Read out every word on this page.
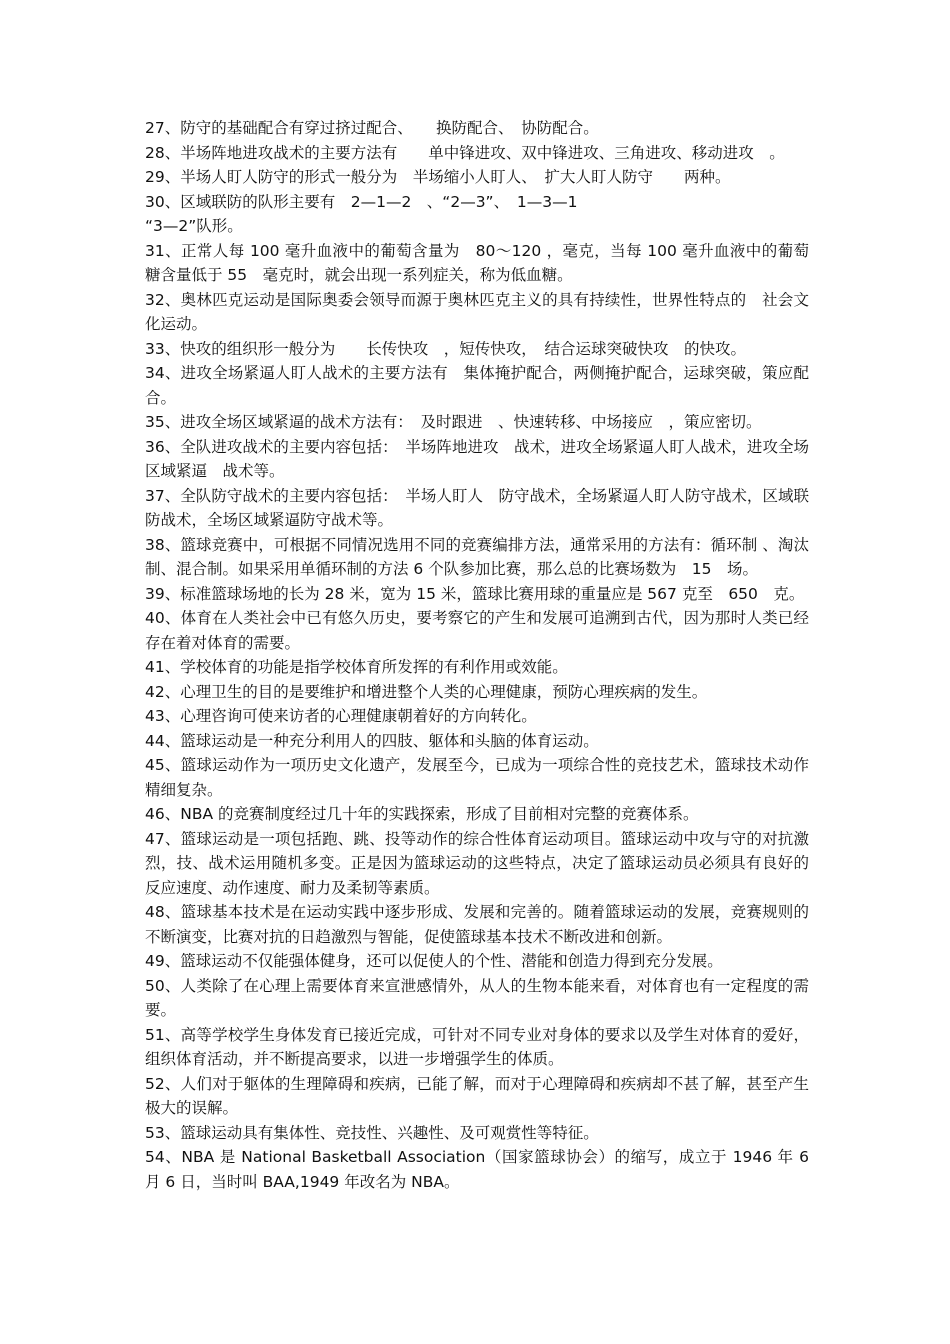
27、防守的基础配合有穿过挤过配合、　　换防配合、　协防配合。

28、半场阵地进攻战术的主要方法有　　单中锋进攻、双中锋进攻、三角进攻、移动进攻　。

29、半场人盯人防守的形式一般分为　半场缩小人盯人、　扩大人盯人防守　　两种。

30、区域联防的队形主要有　2—1—2　、“2—3”、　1—3—1
“3—2”队形。

31、正常人每 100 毫升血液中的葡萄含量为　80～120 ，毫克，当每 100 毫升血液中的葡萄糖含量低于 55　毫克时，就会出现一系列症关，称为低血糖。

32、奥林匹克运动是国际奥委会领导而源于奥林匹克主义的具有持续性，世界性特点的　社会文化运动。

33、快攻的组织形一般分为　　长传快攻　，短传快攻，　结合运球突破快攻　的快攻。

34、进攻全场紧逼人盯人战术的主要方法有　集体掩护配合，两侧掩护配合，运球突破，策应配合。

35、进攻全场区域紧逼的战术方法有：　及时跟进　、快速转移、中场接应　，策应密切。

36、全队进攻战术的主要内容包括：　半场阵地进攻　战术，进攻全场紧逼人盯人战术，进攻全场　区域紧逼　战术等。

37、全队防守战术的主要内容包括：　半场人盯人　防守战术，全场紧逼人盯人防守战术，区域联防战术，全场区域紧逼防守战术等。

38、篮球竞赛中，可根据不同情况选用不同的竞赛编排方法，通常采用的方法有：循环制 、淘汰制、混合制。如果采用单循环制的方法 6 个队参加比赛，那么总的比赛场数为　15　场。

39、标准篮球场地的长为 28 米，宽为 15 米，篮球比赛用球的重量应是 567 克至　650　克。

40、体育在人类社会中已有悠久历史，要考察它的产生和发展可追溯到古代，因为那时人类已经存在着对体育的需要。

41、学校体育的功能是指学校体育所发挥的有利作用或效能。

42、心理卫生的目的是要维护和增进整个人类的心理健康，预防心理疾病的发生。

43、心理咨询可使来访者的心理健康朝着好的方向转化。

44、篮球运动是一种充分利用人的四肢、躯体和头脑的体育运动。

45、篮球运动作为一项历史文化遗产，发展至今，已成为一项综合性的竞技艺术，篮球技术动作精细复杂。

46、NBA 的竞赛制度经过几十年的实践探索，形成了目前相对完整的竞赛体系。

47、篮球运动是一项包括跑、跳、投等动作的综合性体育运动项目。篮球运动中攻与守的对抗激烈，技、战术运用随机多变。正是因为篮球运动的这些特点，决定了篮球运动员必须具有良好的反应速度、动作速度、耐力及柔韧等素质。

48、篮球基本技术是在运动实践中逐步形成、发展和完善的。随着篮球运动的发展，竞赛规则的不断演变，比赛对抗的日趋激烈与智能，促使篮球基本技术不断改进和创新。

49、篮球运动不仅能强体健身，还可以促使人的个性、潜能和创造力得到充分发展。

50、人类除了在心理上需要体育来宣泄感情外，从人的生物本能来看，对体育也有一定程度的需要。

51、高等学校学生身体发育已接近完成，可针对不同专业对身体的要求以及学生对体育的爱好，组织体育活动，并不断提高要求，以进一步增强学生的体质。

52、人们对于躯体的生理障碍和疾病，已能了解，而对于心理障碍和疾病却不甚了解，甚至产生极大的误解。

53、篮球运动具有集体性、竞技性、兴趣性、及可观赏性等特征。

54、NBA 是 National Basketball Association（国家篮球协会）的缩写，成立于 1946 年 6 月 6 日，当时叫 BAA,1949 年改名为 NBA。
